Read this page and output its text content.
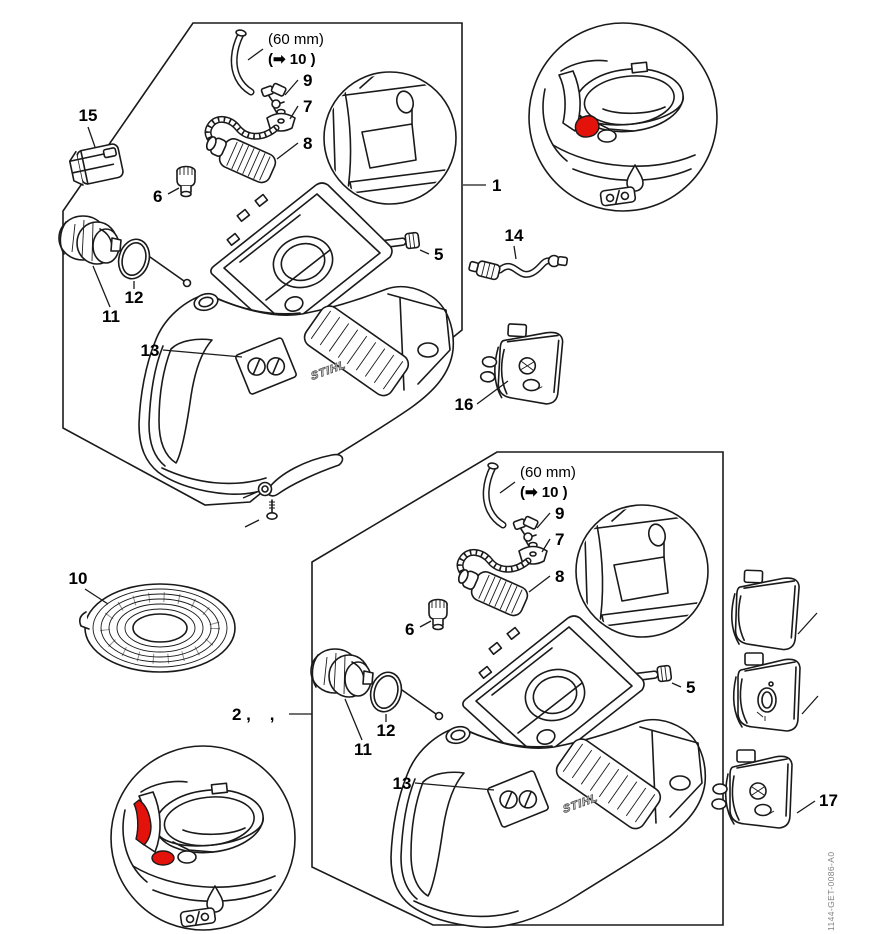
1
2 ,    ,
15
14
16
10
17
1144-GET-0086-A0
